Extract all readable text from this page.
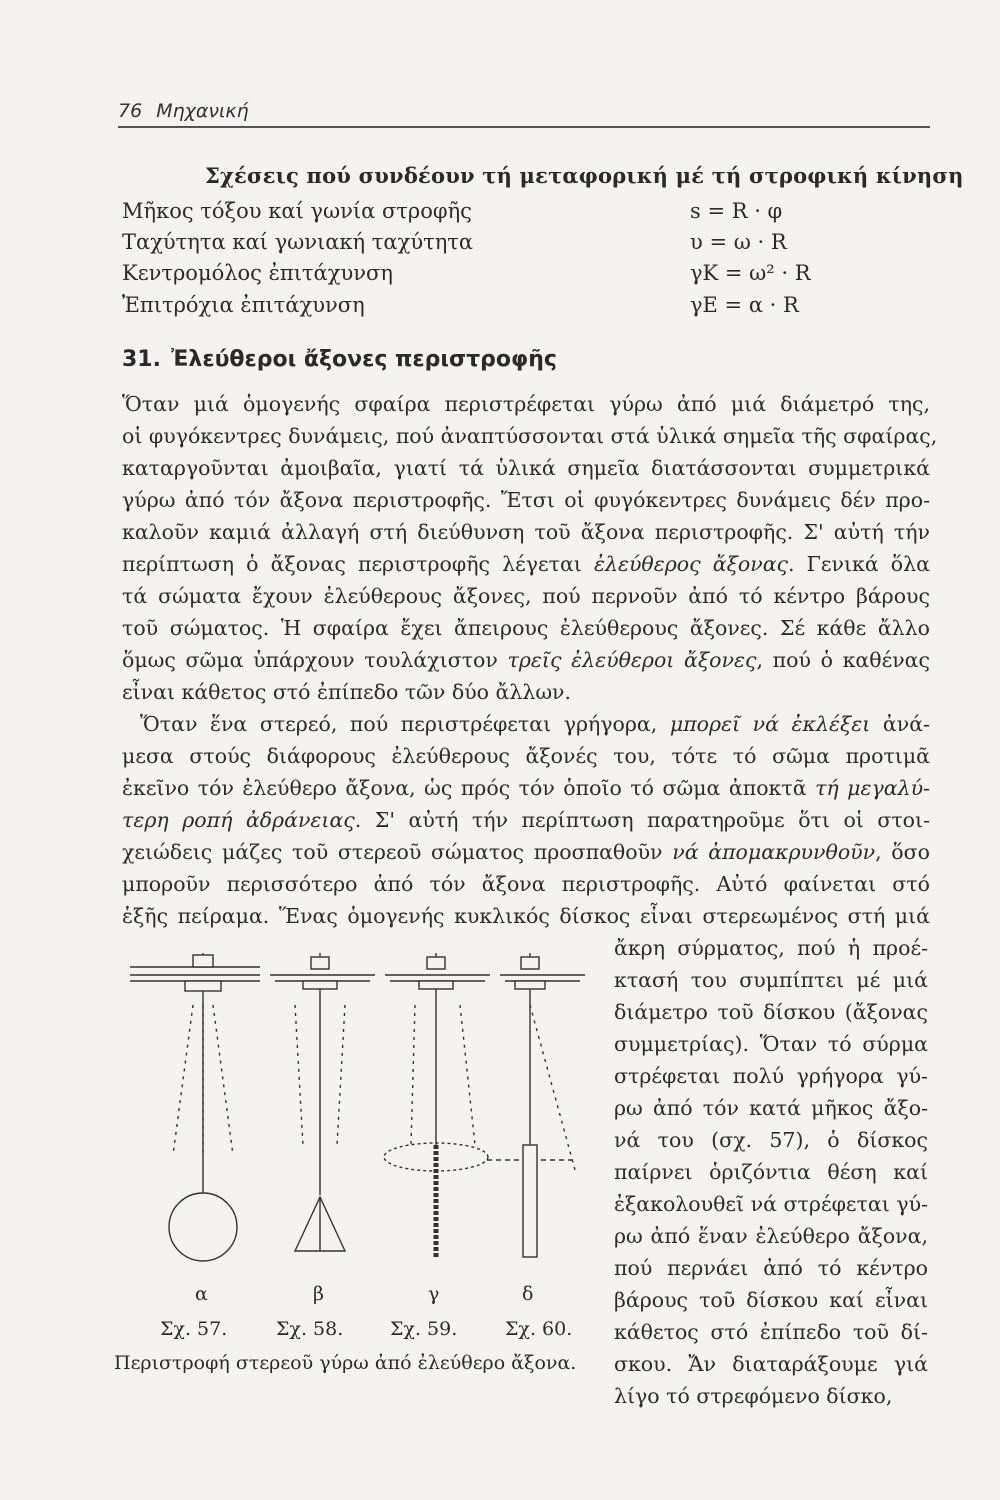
76 Μηχανική
Σχέσεις πού συνδέουν τή μεταφορική μέ τή στροφική κίνηση
Μῆκος τόξου καί γωνία στροφῆς	s = R · φ
Ταχύτητα καί γωνιακή ταχύτητα	υ = ω · R
Κεντρομόλος ἐπιτάχυνση	γΚ = ω² · R
Ἐπιτρόχια ἐπιτάχυνση	γΕ = α · R
31. Ἐλεύθεροι ἄξονες περιστροφῆς
Ὅταν μιά ὁμογενής σφαίρα περιστρέφεται γύρω ἀπό μιά διάμετρό της,
οἱ φυγόκεντρες δυνάμεις, πού ἀναπτύσσονται στά ὑλικά σημεῖα τῆς σφαίρας,
καταργοῦνται ἀμοιβαῖα, γιατί τά ὑλικά σημεῖα διατάσσονται συμμετρικά
γύρω ἀπό τόν ἄξονα περιστροφῆς. Ἔτσι οἱ φυγόκεντρες δυνάμεις δέν προ-
καλοῦν καμιά ἀλλαγή στή διεύθυνση τοῦ ἄξονα περιστροφῆς. Σ' αὐτή τήν
περίπτωση ὁ ἄξονας περιστροφῆς λέγεται ἐλεύθερος ἄξονας. Γενικά ὅλα
τά σώματα ἔχουν ἐλεύθερους ἄξονες, πού περνοῦν ἀπό τό κέντρο βάρους
τοῦ σώματος. Ἡ σφαίρα ἔχει ἄπειρους ἐλεύθερους ἄξονες. Σέ κάθε ἄλλο
ὅμως σῶμα ὑπάρχουν τουλάχιστον τρεῖς ἐλεύθεροι ἄξονες, πού ὁ καθένας
εἶναι κάθετος στό ἐπίπεδο τῶν δύο ἄλλων.
Ὅταν ἕνα στερεό, πού περιστρέφεται γρήγορα, μπορεῖ νά ἐκλέξει ἀνά-
μεσα στούς διάφορους ἐλεύθερους ἄξονές του, τότε τό σῶμα προτιμᾶ
ἐκεῖνο τόν ἐλεύθερο ἄξονα, ὡς πρός τόν ὁποῖο τό σῶμα ἀποκτᾶ τή μεγαλύ-
τερη ροπή ἀδράνειας. Σ' αὐτή τήν περίπτωση παρατηροῦμε ὅτι οἱ στοι-
χειώδεις μάζες τοῦ στερεοῦ σώματος προσπαθοῦν νά ἀπομακρυνθοῦν, ὅσο
μποροῦν περισσότερο ἀπό τόν ἄξονα περιστροφῆς. Αὐτό φαίνεται στό
ἑξῆς πείραμα. Ἕνας ὁμογενής κυκλικός δίσκος εἶναι στερεωμένος στή μιά
ἄκρη σύρματος, πού ἡ προέ-
κτασή του συμπίπτει μέ μιά
διάμετρο τοῦ δίσκου (ἄξονας
συμμετρίας). Ὅταν τό σύρμα
στρέφεται πολύ γρήγορα γύ-
ρω ἀπό τόν κατά μῆκος ἄξο-
νά του (σχ. 57), ὁ δίσκος
παίρνει ὁριζόντια θέση καί
ἐξακολουθεῖ νά στρέφεται γύ-
ρω ἀπό ἕναν ἐλεύθερο ἄξονα,
πού περνάει ἀπό τό κέντρο
βάρους τοῦ δίσκου καί εἶναι
κάθετος στό ἐπίπεδο τοῦ δί-
σκου. Ἄν διαταράξουμε γιά
λίγο τό στρεφόμενο δίσκο,
α	β	γ	δ
Σχ. 57.	Σχ. 58. Σχ. 59.	Σχ. 60.
Περιστροφή στερεοῦ γύρω ἀπό ἐλεύθερο ἄξονα.
